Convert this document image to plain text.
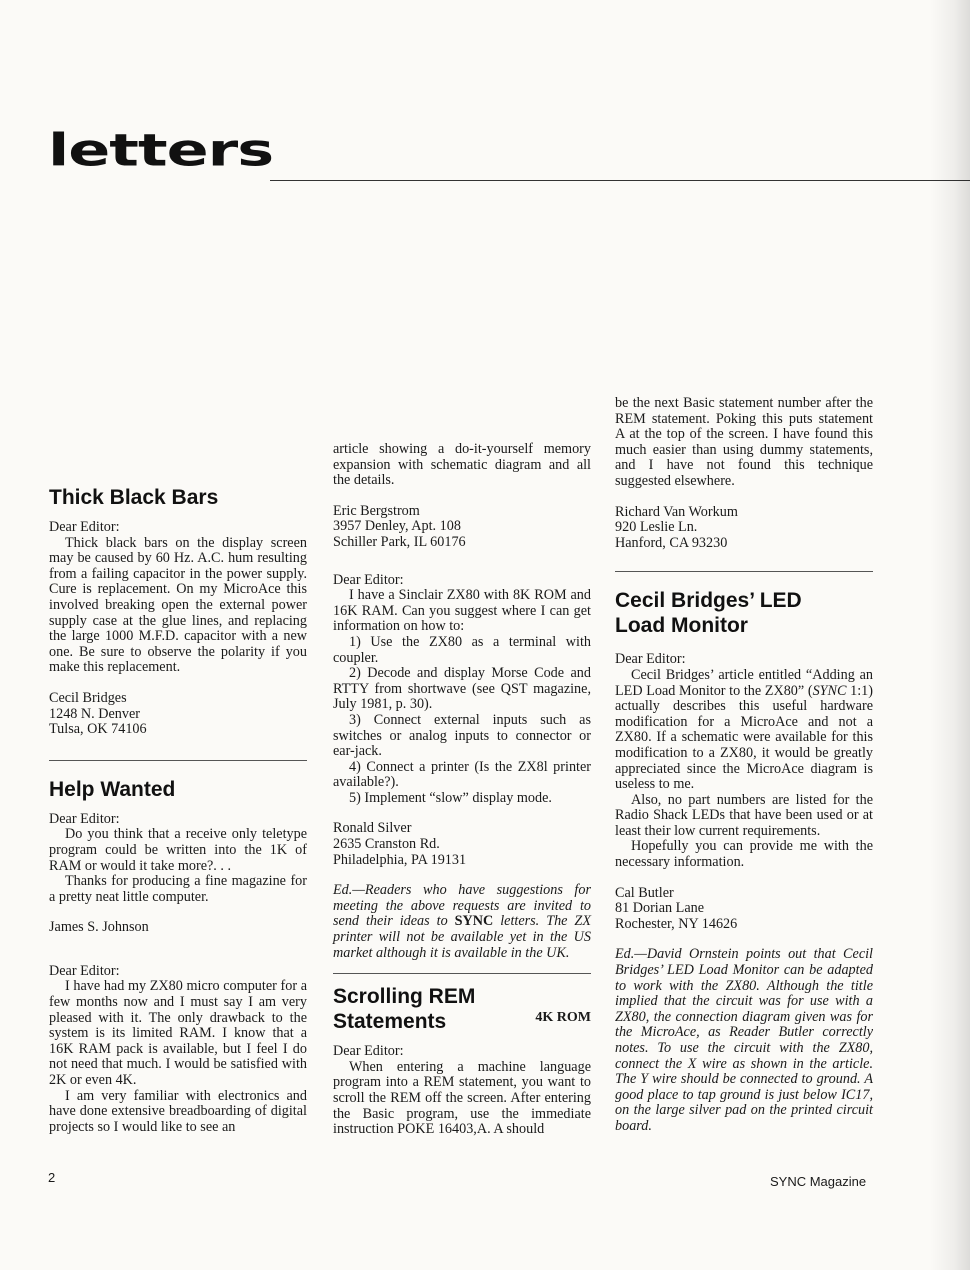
letters
Thick Black Bars

Dear Editor:

Thick black bars on the display screen may be caused by 60 Hz. A.C. hum resulting from a failing capacitor in the power supply. Cure is replacement. On my MicroAce this involved breaking open the external power supply case at the glue lines, and replacing the large 1000 M.F.D. capacitor with a new one. Be sure to observe the polarity if you make this replacement.

Cecil Bridges
1248 N. Denver
Tulsa, OK 74106
Help Wanted

Dear Editor:

Do you think that a receive only teletype program could be written into the 1K of RAM or would it take more?. . .

Thanks for producing a fine magazine for a pretty neat little computer.

James S. Johnson

Dear Editor:

I have had my ZX80 micro computer for a few months now and I must say I am very pleased with it. The only drawback to the system is its limited RAM. I know that a 16K RAM pack is available, but I feel I do not need that much. I would be satisfied with 2K or even 4K.

I am very familiar with electronics and have done extensive breadboarding of digital projects so I would like to see an

article showing a do-it-yourself memory expansion with schematic diagram and all the details.

Eric Bergstrom
3957 Denley, Apt. 108
Schiller Park, IL 60176

Dear Editor:

I have a Sinclair ZX80 with 8K ROM and 16K RAM. Can you suggest where I can get information on how to:

1) Use the ZX80 as a terminal with coupler.

2) Decode and display Morse Code and RTTY from shortwave (see QST magazine, July 1981, p. 30).

3) Connect external inputs such as switches or analog inputs to connector or ear-jack.

4) Connect a printer (Is the ZX8l printer available?).

5) Implement “slow” display mode.

Ronald Silver
2635 Cranston Rd.
Philadelphia, PA 19131

Ed.—Readers who have suggestions for meeting the above requests are invited to send their ideas to SYNC letters. The ZX printer will not be available yet in the US market although it is available in the UK.

4K ROM
Scrolling REM
Statements

Dear Editor:

When entering a machine language program into a REM statement, you want to scroll the REM off the screen. After entering the Basic program, use the immediate instruction POKE 16403,A. A should

be the next Basic statement number after the REM statement. Poking this puts statement A at the top of the screen. I have found this much easier than using dummy statements, and I have not found this technique suggested elsewhere.

Richard Van Workum
920 Leslie Ln.
Hanford, CA 93230
Cecil Bridges’ LED
Load Monitor

Dear Editor:

Cecil Bridges’ article entitled “Adding an LED Load Monitor to the ZX80” (SYNC 1:1) actually describes this useful hardware modification for a MicroAce and not a ZX80. If a schematic were available for this modification to a ZX80, it would be greatly appreciated since the MicroAce diagram is useless to me.

Also, no part numbers are listed for the Radio Shack LEDs that have been used or at least their low current requirements.

Hopefully you can provide me with the necessary information.

Cal Butler
81 Dorian Lane
Rochester, NY 14626

Ed.—David Ornstein points out that Cecil Bridges’ LED Load Monitor can be adapted to work with the ZX80. Although the title implied that the circuit was for use with a ZX80, the connection diagram given was for the MicroAce, as Reader Butler correctly notes. To use the circuit with the ZX80, connect the X wire as shown in the article. The Y wire should be connected to ground. A good place to tap ground is just below IC17, on the large silver pad on the printed circuit board.

2	SYNC Magazine
